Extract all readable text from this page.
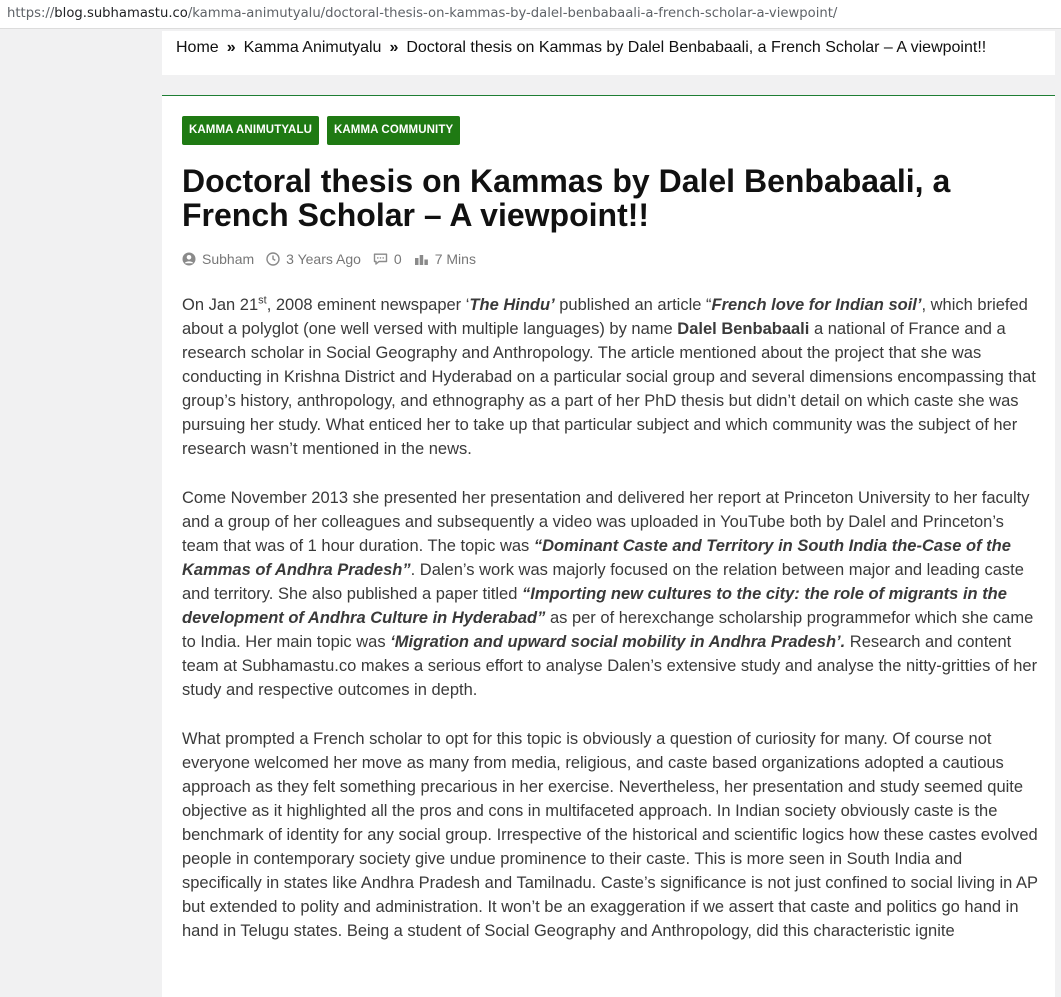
https://blog.subhamastu.co/kamma-animutyalu/doctoral-thesis-on-kammas-by-dalel-benbabaali-a-french-scholar-a-viewpoint/
Home » Kamma Animutyalu » Doctoral thesis on Kammas by Dalel Benbabaali, a French Scholar – A viewpoint!!
KAMMA ANIMUTYALU	KAMMA COMMUNITY
Doctoral thesis on Kammas by Dalel Benbabaali, a French Scholar – A viewpoint!!
Subham 3 Years Ago 0 7 Mins

On Jan 21st, 2008 eminent newspaper ‘The Hindu’ published an article “French love for Indian soil’, which briefed about a polyglot (one well versed with multiple languages) by name Dalel Benbabaali a national of France and a research scholar in Social Geography and Anthropology. The article mentioned about the project that she was conducting in Krishna District and Hyderabad on a particular social group and several dimensions encompassing that group’s history, anthropology, and ethnography as a part of her PhD thesis but didn’t detail on which caste she was pursuing her study. What enticed her to take up that particular subject and which community was the subject of her research wasn’t mentioned in the news.

Come November 2013 she presented her presentation and delivered her report at Princeton University to her faculty and a group of her colleagues and subsequently a video was uploaded in YouTube both by Dalel and Princeton’s team that was of 1 hour duration. The topic was “Dominant Caste and Territory in South India the-Case of the Kammas of Andhra Pradesh”. Dalen’s work was majorly focused on the relation between major and leading caste and territory. She also published a paper titled “Importing new cultures to the city: the role of migrants in the development of Andhra Culture in Hyderabad” as per of herexchange scholarship programmefor which she came to India. Her main topic was ‘Migration and upward social mobility in Andhra Pradesh’. Research and content team at Subhamastu.co makes a serious effort to analyse Dalen’s extensive study and analyse the nitty-gritties of her study and respective outcomes in depth.

What prompted a French scholar to opt for this topic is obviously a question of curiosity for many. Of course not everyone welcomed her move as many from media, religious, and caste based organizations adopted a cautious approach as they felt something precarious in her exercise. Nevertheless, her presentation and study seemed quite objective as it highlighted all the pros and cons in multifaceted approach. In Indian society obviously caste is the benchmark of identity for any social group. Irrespective of the historical and scientific logics how these castes evolved people in contemporary society give undue prominence to their caste. This is more seen in South India and specifically in states like Andhra Pradesh and Tamilnadu. Caste’s significance is not just confined to social living in AP but extended to polity and administration. It won’t be an exaggeration if we assert that caste and politics go hand in hand in Telugu states. Being a student of Social Geography and Anthropology, did this characteristic ignite
